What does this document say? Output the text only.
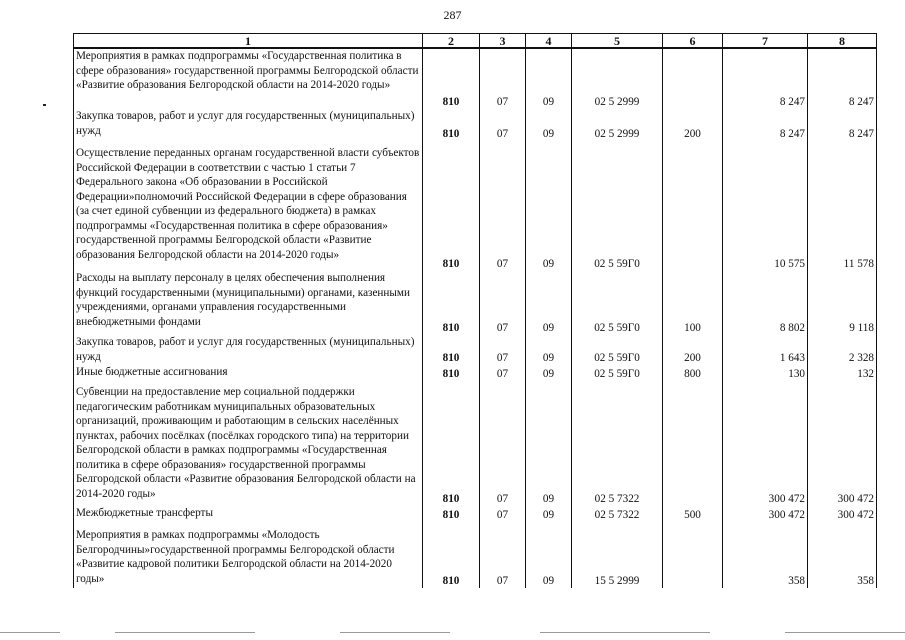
287
1	2	3	4	5	6	7	8
Мероприятия в рамках подпрограммы «Государственная политика в сфере образования» государственной программы Белгородской области «Развитие образования Белгородской области на 2014-2020 годы»	810	07	09	02 5 2999		8 247	8 247
Закупка товаров, работ и услуг для государственных (муниципальных) нужд	810	07	09	02 5 2999	200	8 247	8 247
Осуществление переданных органам государственной власти субъектов Российской Федерации в соответствии с частью 1 статьи 7 Федерального закона «Об образовании в Российской Федерации»полномочий Российской Федерации в сфере образования (за счет единой субвенции из федерального бюджета) в рамках подпрограммы «Государственная политика в сфере образования» государственной программы Белгородской области «Развитие образования Белгородской области на 2014-2020 годы»	810	07	09	02 5 59Г0		10 575	11 578
Расходы на выплату персоналу в целях обеспечения выполнения функций государственными (муниципальными) органами, казенными учреждениями, органами управления государственными внебюджетными фондами	810	07	09	02 5 59Г0	100	8 802	9 118
Закупка товаров, работ и услуг для государственных (муниципальных) нужд	810	07	09	02 5 59Г0	200	1 643	2 328
Иные бюджетные ассигнования	810	07	09	02 5 59Г0	800	130	132
Субвенции на предоставление мер социальной поддержки педагогическим работникам муниципальных образовательных организаций, проживающим и работающим в сельских населённых пунктах, рабочих посёлках (посёлках городского типа) на территории Белгородской области в рамках подпрограммы «Государственная политика в сфере образования» государственной программы Белгородской области «Развитие образования Белгородской области на 2014-2020 годы»	810	07	09	02 5 7322		300 472	300 472
Межбюджетные трансферты	810	07	09	02 5 7322	500	300 472	300 472
Мероприятия в рамках подпрограммы «Молодость Белгородчины»государственной программы Белгородской области «Развитие кадровой политики Белгородской области на 2014-2020 годы»	810	07	09	15 5 2999		358	358
